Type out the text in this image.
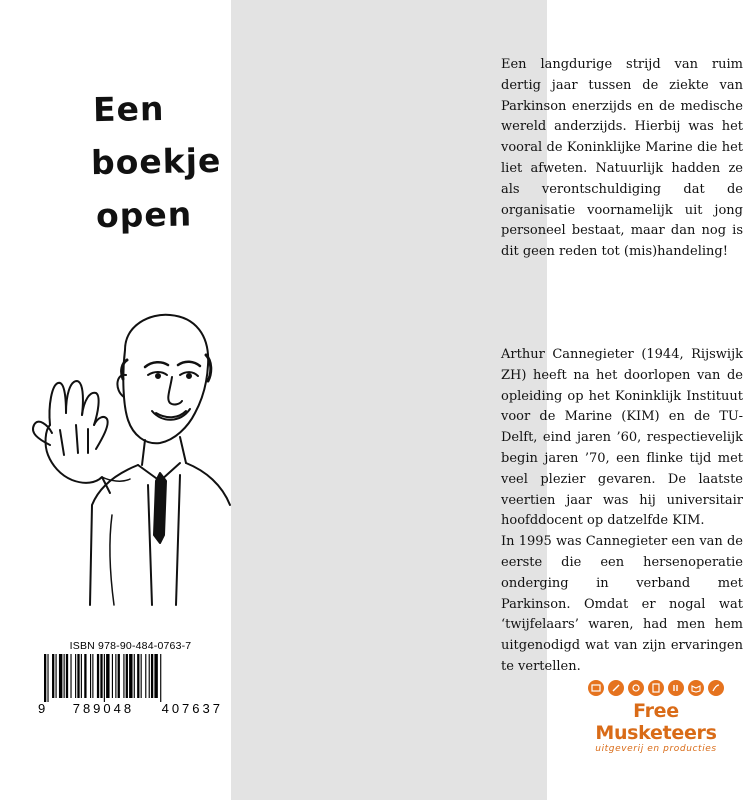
Een
boekje
open
ISBN 978-90-484-0763-7
9 789048 407637

Een langdurige strijd van ruim dertig jaar tussen de ziekte van Parkinson enerzijds en de medische wereld anderzijds. Hierbij was het vooral de Koninklijke Marine die het liet afweten. Natuurlijk hadden ze als verontschuldiging dat de organisatie voornamelijk uit jong personeel bestaat, maar dan nog is dit geen reden tot (mis)handeling!

Arthur Cannegieter (1944, Rijswijk ZH) heeft na het doorlopen van de opleiding op het Koninklijk Instituut voor de Marine (KIM) en de TU-Delft, eind jaren ’60, respectievelijk begin jaren ’70, een flinke tijd met veel plezier gevaren. De laatste veertien jaar was hij universitair hoofddocent op datzelfde KIM.

In 1995 was Cannegieter een van de eerste die een hersenoperatie onderging in verband met Parkinson. Omdat er nogal wat ‘twijfelaars’ waren, had men hem uitgenodigd wat van zijn ervaringen te vertellen.

Free Musketeers
uitgeverij en producties
